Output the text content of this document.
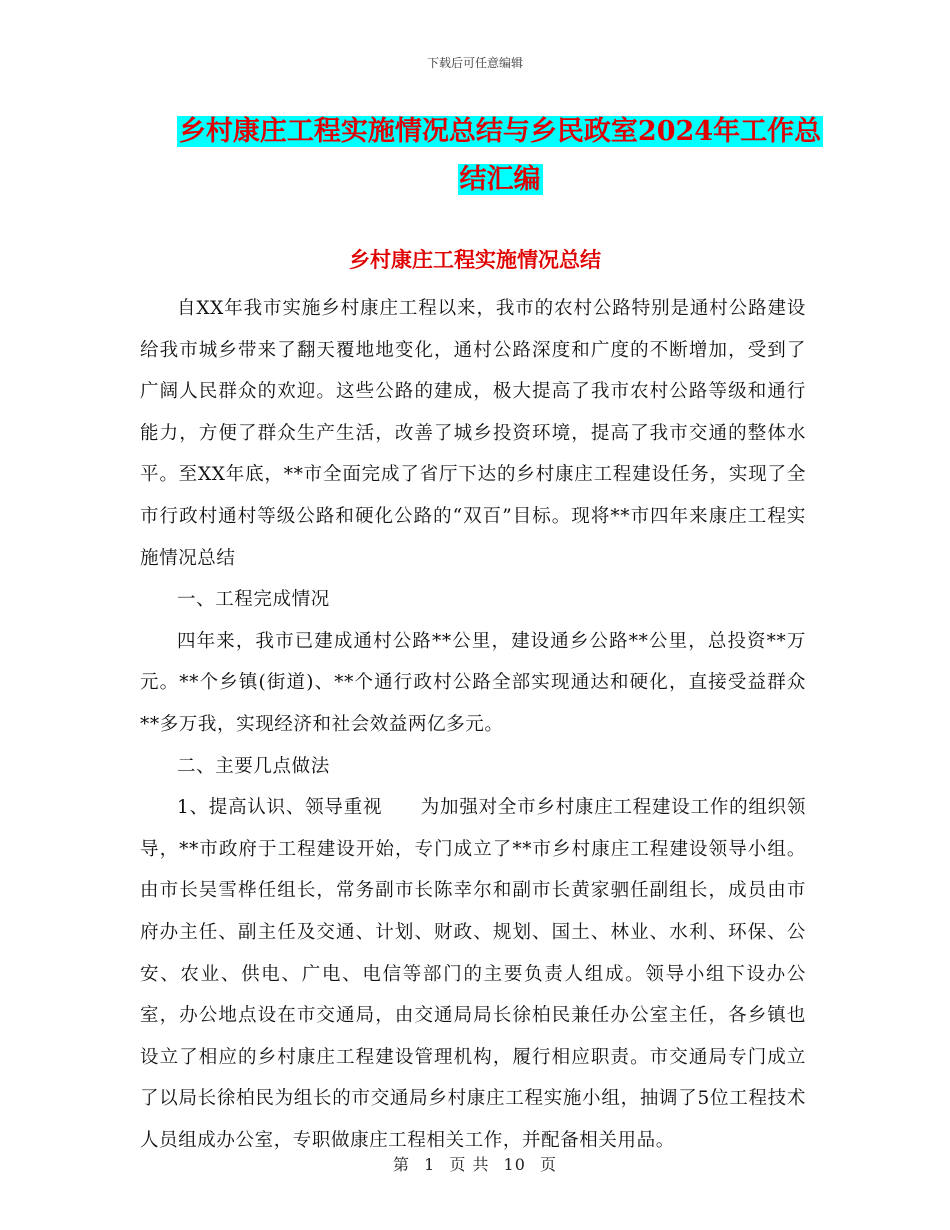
下载后可任意编辑
乡村康庄工程实施情况总结与乡民政室2024年工作总
结汇编
乡村康庄工程实施情况总结

自XX年我市实施乡村康庄工程以来，我市的农村公路特别是通村公路建设给我市城乡带来了翻天覆地地变化，通村公路深度和广度的不断增加，受到了广阔人民群众的欢迎。这些公路的建成，极大提高了我市农村公路等级和通行能力，方便了群众生产生活，改善了城乡投资环境，提高了我市交通的整体水平。至XX年底，**市全面完成了省厅下达的乡村康庄工程建设任务，实现了全市行政村通村等级公路和硬化公路的“双百”目标。现将**市四年来康庄工程实施情况总结

一、工程完成情况

四年来，我市已建成通村公路**公里，建设通乡公路**公里，总投资**万元。**个乡镇(街道)、**个通行政村公路全部实现通达和硬化，直接受益群众**多万我，实现经济和社会效益两亿多元。

二、主要几点做法

1、提高认识、领导重视　　为加强对全市乡村康庄工程建设工作的组织领导，**市政府于工程建设开始，专门成立了**市乡村康庄工程建设领导小组。由市长吴雪桦任组长，常务副市长陈幸尔和副市长黄家驷任副组长，成员由市府办主任、副主任及交通、计划、财政、规划、国土、林业、水利、环保、公安、农业、供电、广电、电信等部门的主要负责人组成。领导小组下设办公室，办公地点设在市交通局，由交通局局长徐柏民兼任办公室主任，各乡镇也设立了相应的乡村康庄工程建设管理机构，履行相应职责。市交通局专门成立了以局长徐柏民为组长的市交通局乡村康庄工程实施小组，抽调了5位工程技术人员组成办公室，专职做康庄工程相关工作，并配备相关用品。

第 1 页 共 10 页
